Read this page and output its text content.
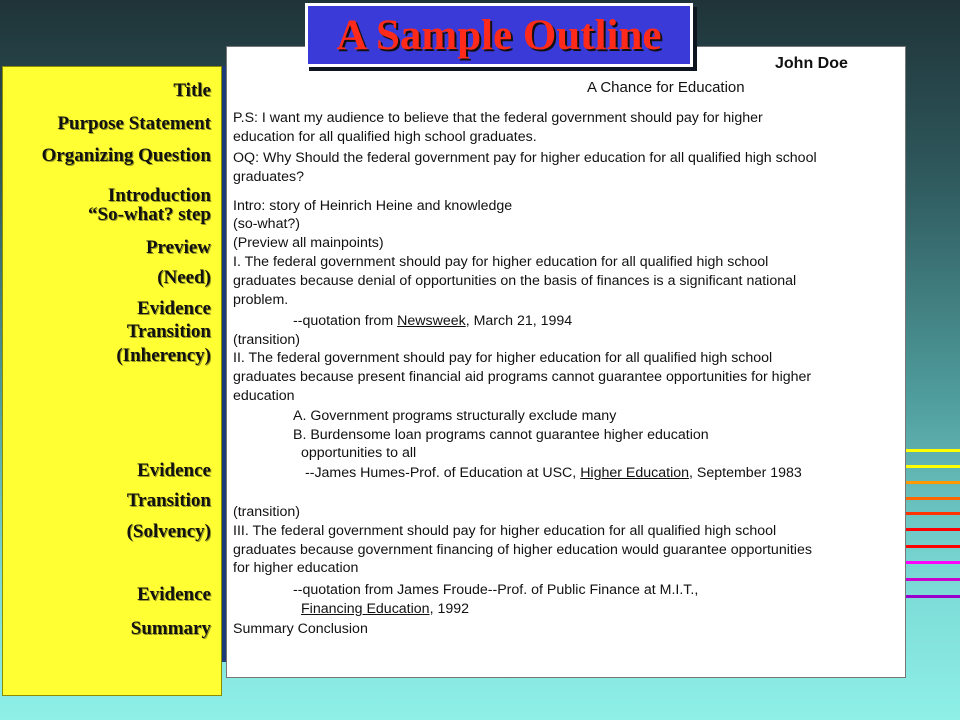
Title
Purpose Statement
Organizing Question
Introduction
“So-what? step
Preview
(Need)
Evidence
Transition
(Inherency)
Evidence
Transition
(Solvency)
Evidence
Summary
John Doe
A Chance for Education
P.S: I want my audience to believe that the federal government should pay for higher
education for all qualified high school graduates.
OQ: Why Should the federal government pay for higher education for all qualified high school
graduates?
Intro: story of Heinrich Heine and knowledge
(so-what?)
(Preview all mainpoints)
I. The federal government should pay for higher education for all qualified high school
graduates because denial of opportunities on the basis of finances is a significant national
problem.
--quotation from Newsweek, March 21, 1994
(transition)
II. The federal government should pay for higher education for all qualified high school
graduates because present financial aid programs cannot guarantee opportunities for higher
education
A. Government programs structurally exclude many
B. Burdensome loan programs cannot guarantee higher education
opportunities to all
--James Humes-Prof. of Education at USC, Higher Education, September 1983
(transition)
III. The federal government should pay for higher education for all qualified high school
graduates because government financing of higher education would guarantee opportunities
for higher education
--quotation from James Froude--Prof. of Public Finance at M.I.T.,
Financing Education, 1992
Summary Conclusion
A Sample Outline
